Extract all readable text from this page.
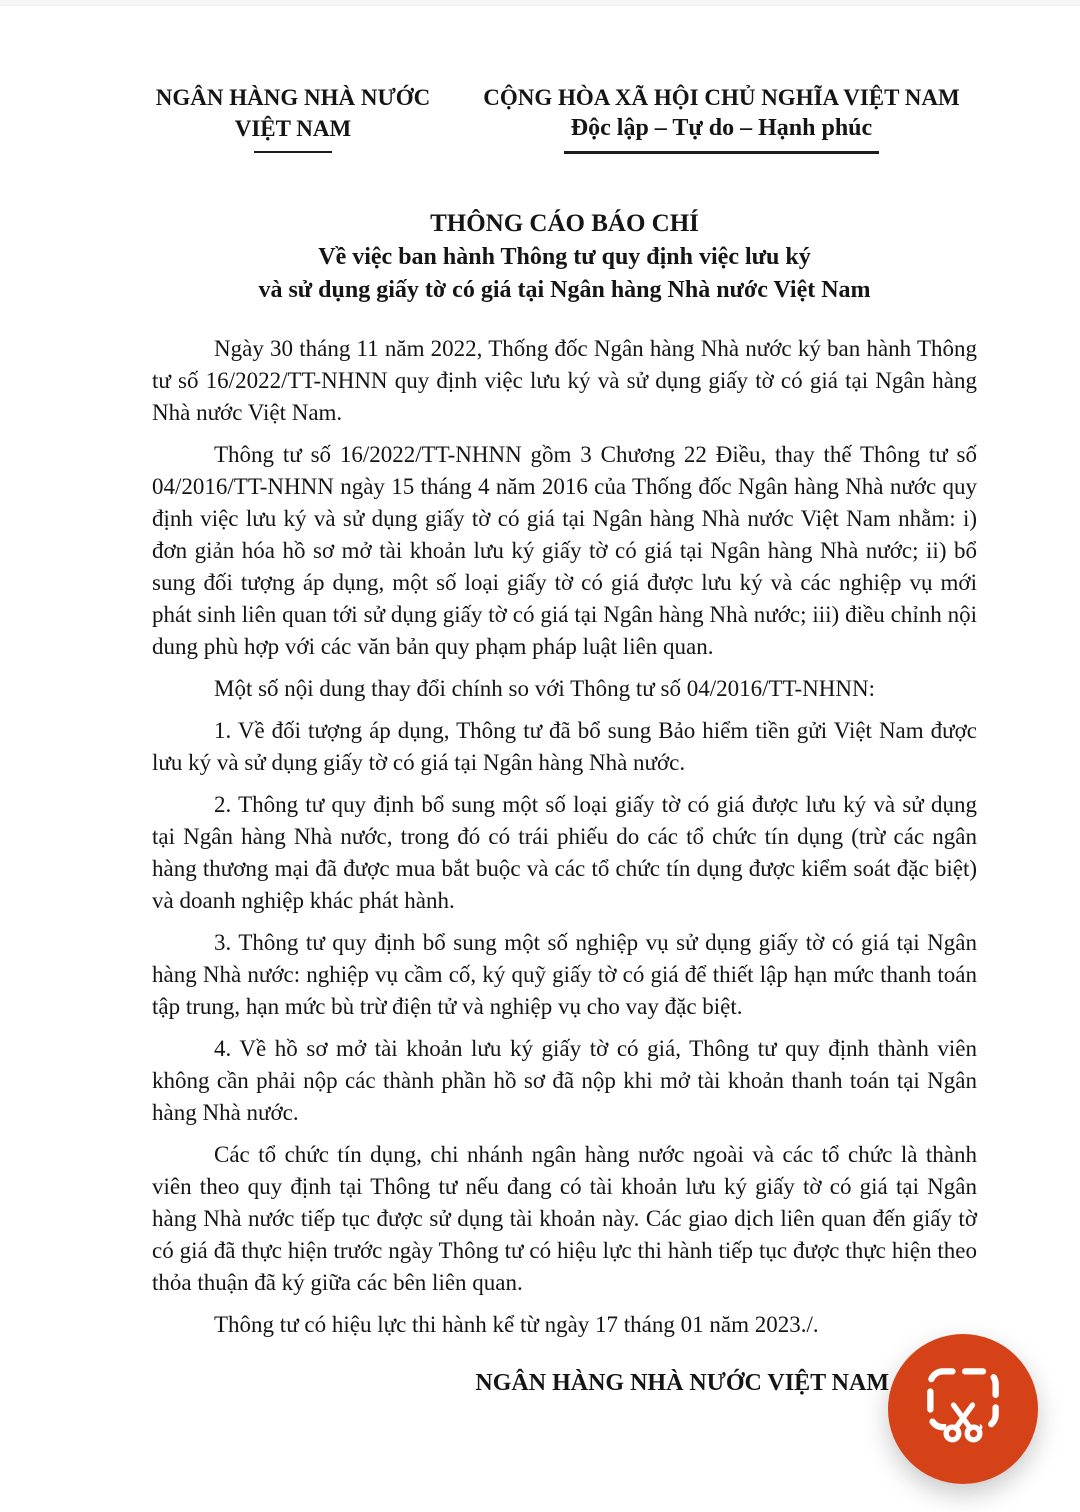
NGÂN HÀNG NHÀ NƯỚC
VIỆT NAM
CỘNG HÒA XÃ HỘI CHỦ NGHĨA VIỆT NAM
Độc lập – Tự do – Hạnh phúc
THÔNG CÁO BÁO CHÍ
Về việc ban hành Thông tư quy định việc lưu ký
và sử dụng giấy tờ có giá tại Ngân hàng Nhà nước Việt Nam

Ngày 30 tháng 11 năm 2022, Thống đốc Ngân hàng Nhà nước ký ban hành Thông tư số 16/2022/TT-NHNN quy định việc lưu ký và sử dụng giấy tờ có giá tại Ngân hàng Nhà nước Việt Nam.

Thông tư số 16/2022/TT-NHNN gồm 3 Chương 22 Điều, thay thế Thông tư số 04/2016/TT-NHNN ngày 15 tháng 4 năm 2016 của Thống đốc Ngân hàng Nhà nước quy định việc lưu ký và sử dụng giấy tờ có giá tại Ngân hàng Nhà nước Việt Nam nhằm: i) đơn giản hóa hồ sơ mở tài khoản lưu ký giấy tờ có giá tại Ngân hàng Nhà nước; ii) bổ sung đối tượng áp dụng, một số loại giấy tờ có giá được lưu ký và các nghiệp vụ mới phát sinh liên quan tới sử dụng giấy tờ có giá tại Ngân hàng Nhà nước; iii) điều chỉnh nội dung phù hợp với các văn bản quy phạm pháp luật liên quan.

Một số nội dung thay đổi chính so với Thông tư số 04/2016/TT-NHNN:

1. Về đối tượng áp dụng, Thông tư đã bổ sung Bảo hiểm tiền gửi Việt Nam được lưu ký và sử dụng giấy tờ có giá tại Ngân hàng Nhà nước.

2. Thông tư quy định bổ sung một số loại giấy tờ có giá được lưu ký và sử dụng tại Ngân hàng Nhà nước, trong đó có trái phiếu do các tổ chức tín dụng (trừ các ngân hàng thương mại đã được mua bắt buộc và các tổ chức tín dụng được kiểm soát đặc biệt) và doanh nghiệp khác phát hành.

3. Thông tư quy định bổ sung một số nghiệp vụ sử dụng giấy tờ có giá tại Ngân hàng Nhà nước: nghiệp vụ cầm cố, ký quỹ giấy tờ có giá để thiết lập hạn mức thanh toán tập trung, hạn mức bù trừ điện tử và nghiệp vụ cho vay đặc biệt.

4. Về hồ sơ mở tài khoản lưu ký giấy tờ có giá, Thông tư quy định thành viên không cần phải nộp các thành phần hồ sơ đã nộp khi mở tài khoản thanh toán tại Ngân hàng Nhà nước.

Các tổ chức tín dụng, chi nhánh ngân hàng nước ngoài và các tổ chức là thành viên theo quy định tại Thông tư nếu đang có tài khoản lưu ký giấy tờ có giá tại Ngân hàng Nhà nước tiếp tục được sử dụng tài khoản này. Các giao dịch liên quan đến giấy tờ có giá đã thực hiện trước ngày Thông tư có hiệu lực thi hành tiếp tục được thực hiện theo thỏa thuận đã ký giữa các bên liên quan.

Thông tư có hiệu lực thi hành kể từ ngày 17 tháng 01 năm 2023./.

NGÂN HÀNG NHÀ NƯỚC VIỆT NAM
